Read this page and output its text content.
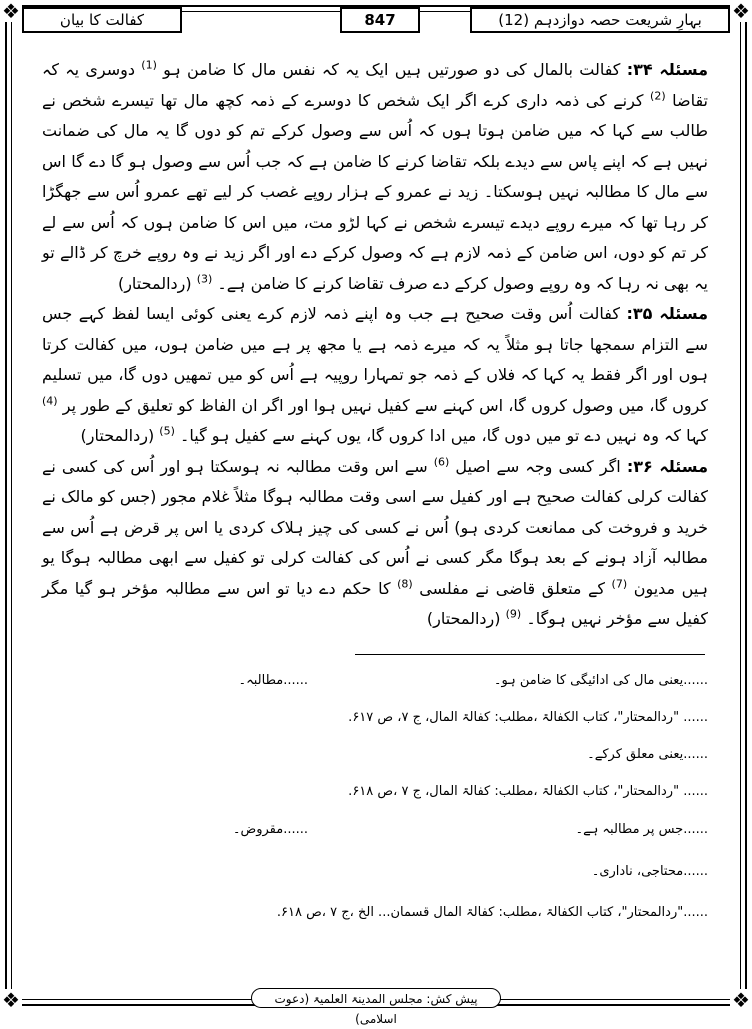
❖	❖
❖	❖
بہارِ شریعت حصہ دوازدہم (12)
847
کفالت کا بیان

مسئلہ ۳۴: کفالت بالمال کی دو صورتیں ہیں ایک یہ کہ نفس مال کا ضامن ہو $^{(1)}$ دوسری یہ کہ تقاضا $^{(2)}$ کرنے کی ذمہ داری کرے اگر ایک شخص کا دوسرے کے ذمہ کچھ مال تھا تیسرے شخص نے طالب سے کہا کہ میں ضامن ہوتا ہوں کہ اُس سے وصول کرکے تم کو دوں گا یہ مال کی ضمانت نہیں ہے کہ اپنے پاس سے دیدے بلکہ تقاضا کرنے کا ضامن ہے کہ جب اُس سے وصول ہو گا دے گا اس سے مال کا مطالبہ نہیں ہوسکتا۔ زید نے عمرو کے ہزار روپے غصب کر لیے تھے عمرو اُس سے جھگڑا کر رہا تھا کہ میرے روپے دیدے تیسرے شخص نے کہا لڑو مت، میں اس کا ضامن ہوں کہ اُس سے لے کر تم کو دوں، اس ضامن کے ذمہ لازم ہے کہ وصول کرکے دے اور اگر زید نے وہ روپے خرچ کر ڈالے تو یہ بھی نہ رہا کہ وہ روپے وصول کرکے دے صرف تقاضا کرنے کا ضامن ہے۔ $^{(3)}$ (ردالمحتار)

مسئلہ ۳۵: کفالت اُس وقت صحیح ہے جب وہ اپنے ذمہ لازم کرے یعنی کوئی ایسا لفظ کہے جس سے التزام سمجھا جاتا ہو مثلاً یہ کہ میرے ذمہ ہے یا مجھ پر ہے میں ضامن ہوں، میں کفالت کرتا ہوں اور اگر فقط یہ کہا کہ فلاں کے ذمہ جو تمہارا روپیہ ہے اُس کو میں تمھیں دوں گا، میں تسلیم کروں گا، میں وصول کروں گا، اس کہنے سے کفیل نہیں ہوا اور اگر ان الفاظ کو تعلیق کے طور پر $^{(4)}$ کہا کہ وہ نہیں دے تو میں دوں گا، میں ادا کروں گا، یوں کہنے سے کفیل ہو گیا۔ $^{(5)}$ (ردالمحتار)

مسئلہ ۳۶: اگر کسی وجہ سے اصیل $^{(6)}$ سے اس وقت مطالبہ نہ ہوسکتا ہو اور اُس کی کسی نے کفالت کرلی کفالت صحیح ہے اور کفیل سے اسی وقت مطالبہ ہوگا مثلاً غلام مجور (جس کو مالک نے خرید و فروخت کی ممانعت کردی ہو) اُس نے کسی کی چیز ہلاک کردی یا اس پر قرض ہے اُس سے مطالبہ آزاد ہونے کے بعد ہوگا مگر کسی نے اُس کی کفالت کرلی تو کفیل سے ابھی مطالبہ ہوگا یو ہیں مدیون $^{(7)}$ کے متعلق قاضی نے مفلسی $^{(8)}$ کا حکم دے دیا تو اس سے مطالبہ مؤخر ہو گیا مگر کفیل سے مؤخر نہیں ہوگا۔ $^{(9)}$ (ردالمحتار)

......یعنی مال کی ادائیگی کا ضامن ہو۔
......مطالبہ۔
...... "ردالمحتار"، کتاب الکفالۃ ،مطلب: کفالۃ المال، ج ۷، ص ۶۱۷.
......یعنی معلق کرکے۔
...... "ردالمحتار"، کتاب الکفالۃ ،مطلب: کفالۃ المال، ج ۷ ،ص ۶۱۸.
......جس پر مطالبہ ہے۔
......مقروض۔
......محتاجی، ناداری۔
......"ردالمحتار"، کتاب الکفالۃ ،مطلب: کفالۃ المال قسمان... الخ ،ج ۷ ،ص ۶۱۸.
پیش کش: مجلس المدینۃ العلمیۃ (دعوت اسلامی)
